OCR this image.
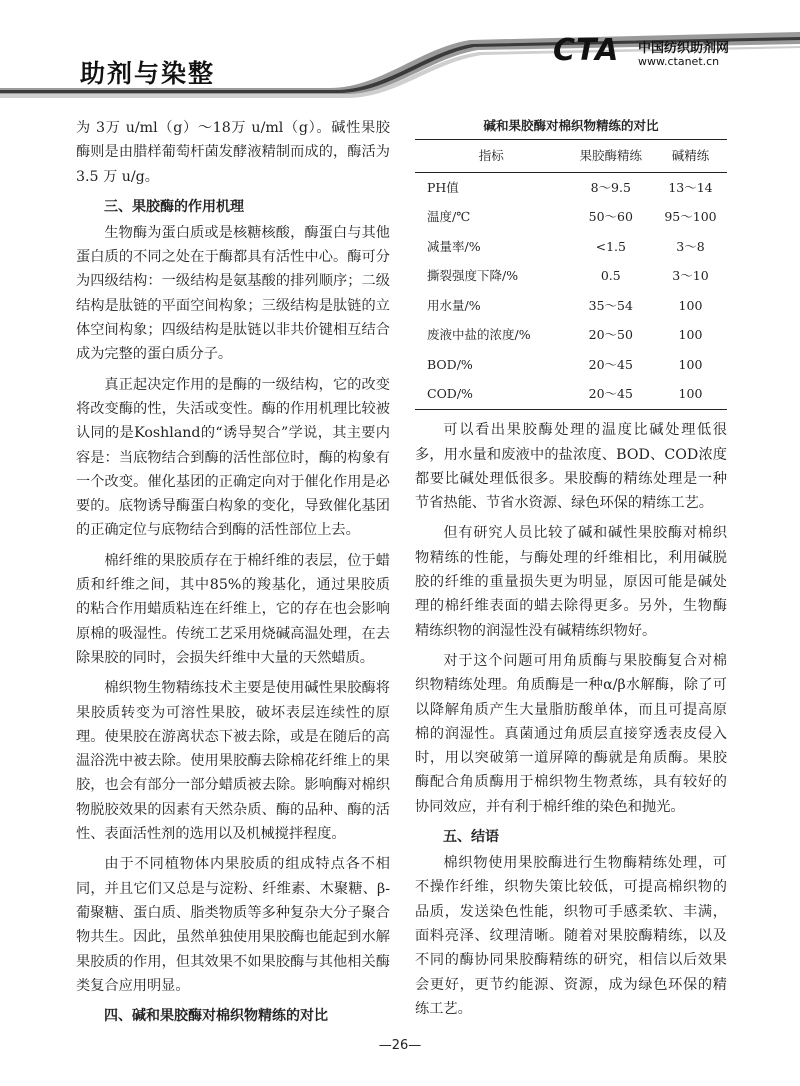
助剂与染整
CTA 中国纺织助剂网
www.ctanet.cn

为 3万 u/ml（g）～18万 u/ml（g）。碱性果胶酶则是由腊样葡萄杆菌发酵液精制而成的，酶活为 3.5 万 u/g。

三、果胶酶的作用机理

生物酶为蛋白质或是核糖核酸，酶蛋白与其他蛋白质的不同之处在于酶都具有活性中心。酶可分为四级结构：一级结构是氨基酸的排列顺序；二级结构是肽链的平面空间构象；三级结构是肽链的立体空间构象；四级结构是肽链以非共价键相互结合成为完整的蛋白质分子。

真正起决定作用的是酶的一级结构，它的改变将改变酶的性，失活或变性。酶的作用机理比较被认同的是Koshland的“诱导契合”学说，其主要内容是：当底物结合到酶的活性部位时，酶的构象有一个改变。催化基团的正确定向对于催化作用是必要的。底物诱导酶蛋白构象的变化，导致催化基团的正确定位与底物结合到酶的活性部位上去。

棉纤维的果胶质存在于棉纤维的表层，位于蜡质和纤维之间，其中85%的羧基化，通过果胶质的粘合作用蜡质粘连在纤维上，它的存在也会影响原棉的吸湿性。传统工艺采用烧碱高温处理，在去除果胶的同时，会损失纤维中大量的天然蜡质。

棉织物生物精练技术主要是使用碱性果胶酶将果胶质转变为可溶性果胶，破坏表层连续性的原理。使果胶在游离状态下被去除，或是在随后的高温浴洗中被去除。使用果胶酶去除棉花纤维上的果胶，也会有部分一部分蜡质被去除。影响酶对棉织物脱胶效果的因素有天然杂质、酶的品种、酶的活性、表面活性剂的选用以及机械搅拌程度。

由于不同植物体内果胶质的组成特点各不相同，并且它们又总是与淀粉、纤维素、木聚糖、β-葡聚糖、蛋白质、脂类物质等多种复杂大分子聚合物共生。因此，虽然单独使用果胶酶也能起到水解果胶质的作用，但其效果不如果胶酶与其他相关酶类复合应用明显。

四、碱和果胶酶对棉织物精练的对比
碱和果胶酶对棉织物精练的对比
指标	果胶酶精练	碱精练
PH值	8～9.5	13～14
温度/℃	50～60	95～100
减量率/%	<1.5	3～8
撕裂强度下降/%	0.5	3～10
用水量/%	35～54	100
废液中盐的浓度/%	20～50	100
BOD/%	20～45	100
COD/%	20～45	100

可以看出果胶酶处理的温度比碱处理低很多，用水量和废液中的盐浓度、BOD、COD浓度都要比碱处理低很多。果胶酶的精练处理是一种节省热能、节省水资源、绿色环保的精练工艺。

但有研究人员比较了碱和碱性果胶酶对棉织物精练的性能，与酶处理的纤维相比，利用碱脱胶的纤维的重量损失更为明显，原因可能是碱处理的棉纤维表面的蜡去除得更多。另外，生物酶精练织物的润湿性没有碱精练织物好。

对于这个问题可用角质酶与果胶酶复合对棉织物精练处理。角质酶是一种α/β水解酶，除了可以降解角质产生大量脂肪酸单体，而且可提高原棉的润湿性。真菌通过角质层直接穿透表皮侵入时，用以突破第一道屏障的酶就是角质酶。果胶酶配合角质酶用于棉织物生物煮练，具有较好的协同效应，并有利于棉纤维的染色和抛光。

五、结语

棉织物使用果胶酶进行生物酶精练处理，可不操作纤维，织物失策比较低，可提高棉织物的品质，发送染色性能，织物可手感柔软、丰满，面料亮泽、纹理清晰。随着对果胶酶精练，以及不同的酶协同果胶酶精练的研究，相信以后效果会更好，更节约能源、资源，成为绿色环保的精练工艺。

—26—
